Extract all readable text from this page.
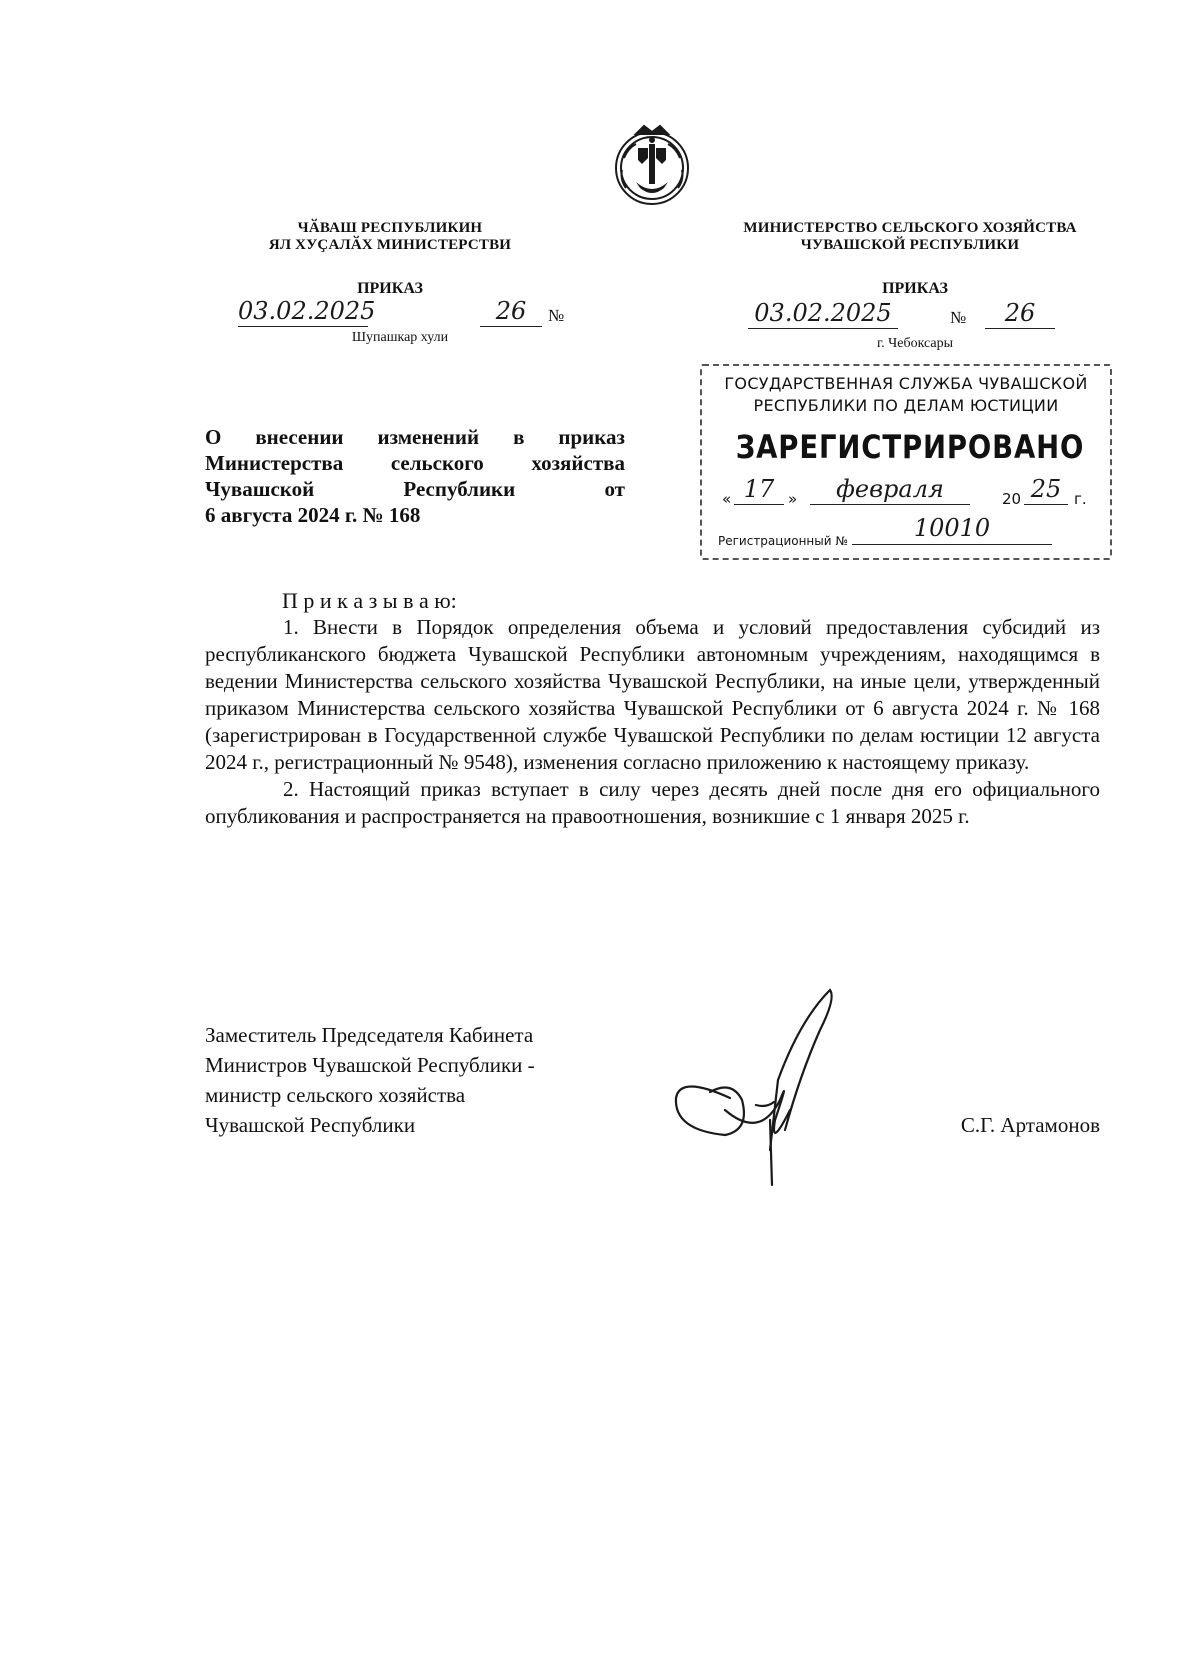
ЧӐВАШ РЕСПУБЛИКИН
ЯЛ ХУҪАЛӐХ МИНИСТЕРСТВИ
ПРИКАЗ
03.02.2025	26	№
Шупашкар хули
МИНИСТЕРСТВО СЕЛЬСКОГО ХОЗЯЙСТВА
ЧУВАШСКОЙ РЕСПУБЛИКИ
ПРИКАЗ
03.02.2025	№	26
г. Чебоксары
ГОСУДАРСТВЕННАЯ СЛУЖБА ЧУВАШСКОЙ
РЕСПУБЛИКИ ПО ДЕЛАМ ЮСТИЦИИ
ЗАРЕГИСТРИРОВАНО
« 17 »	февраля	20 25 г.
Регистрационный №	10010
О внесении изменений в приказ
Министерства сельского хозяйства
Чувашской Республики от
6 августа 2024 г. № 168
П р и к а з ы в а ю:

1. Внести в Порядок определения объема и условий предоставления субсидий из республиканского бюджета Чувашской Республики автономным учреждениям, находящимся в ведении Министерства сельского хозяйства Чувашской Республики, на иные цели, утвержденный приказом Министерства сельского хозяйства Чувашской Республики от 6 августа 2024 г. № 168 (зарегистрирован в Государственной службе Чувашской Республики по делам юстиции 12 августа 2024 г., регистрационный № 9548), изменения согласно приложению к настоящему приказу.

2. Настоящий приказ вступает в силу через десять дней после дня его официального опубликования и распространяется на правоотношения, возникшие с 1 января 2025 г.

Заместитель Председателя Кабинета
Министров Чувашской Республики -
министр сельского хозяйства
Чувашской Республики	С.Г. Артамонов
